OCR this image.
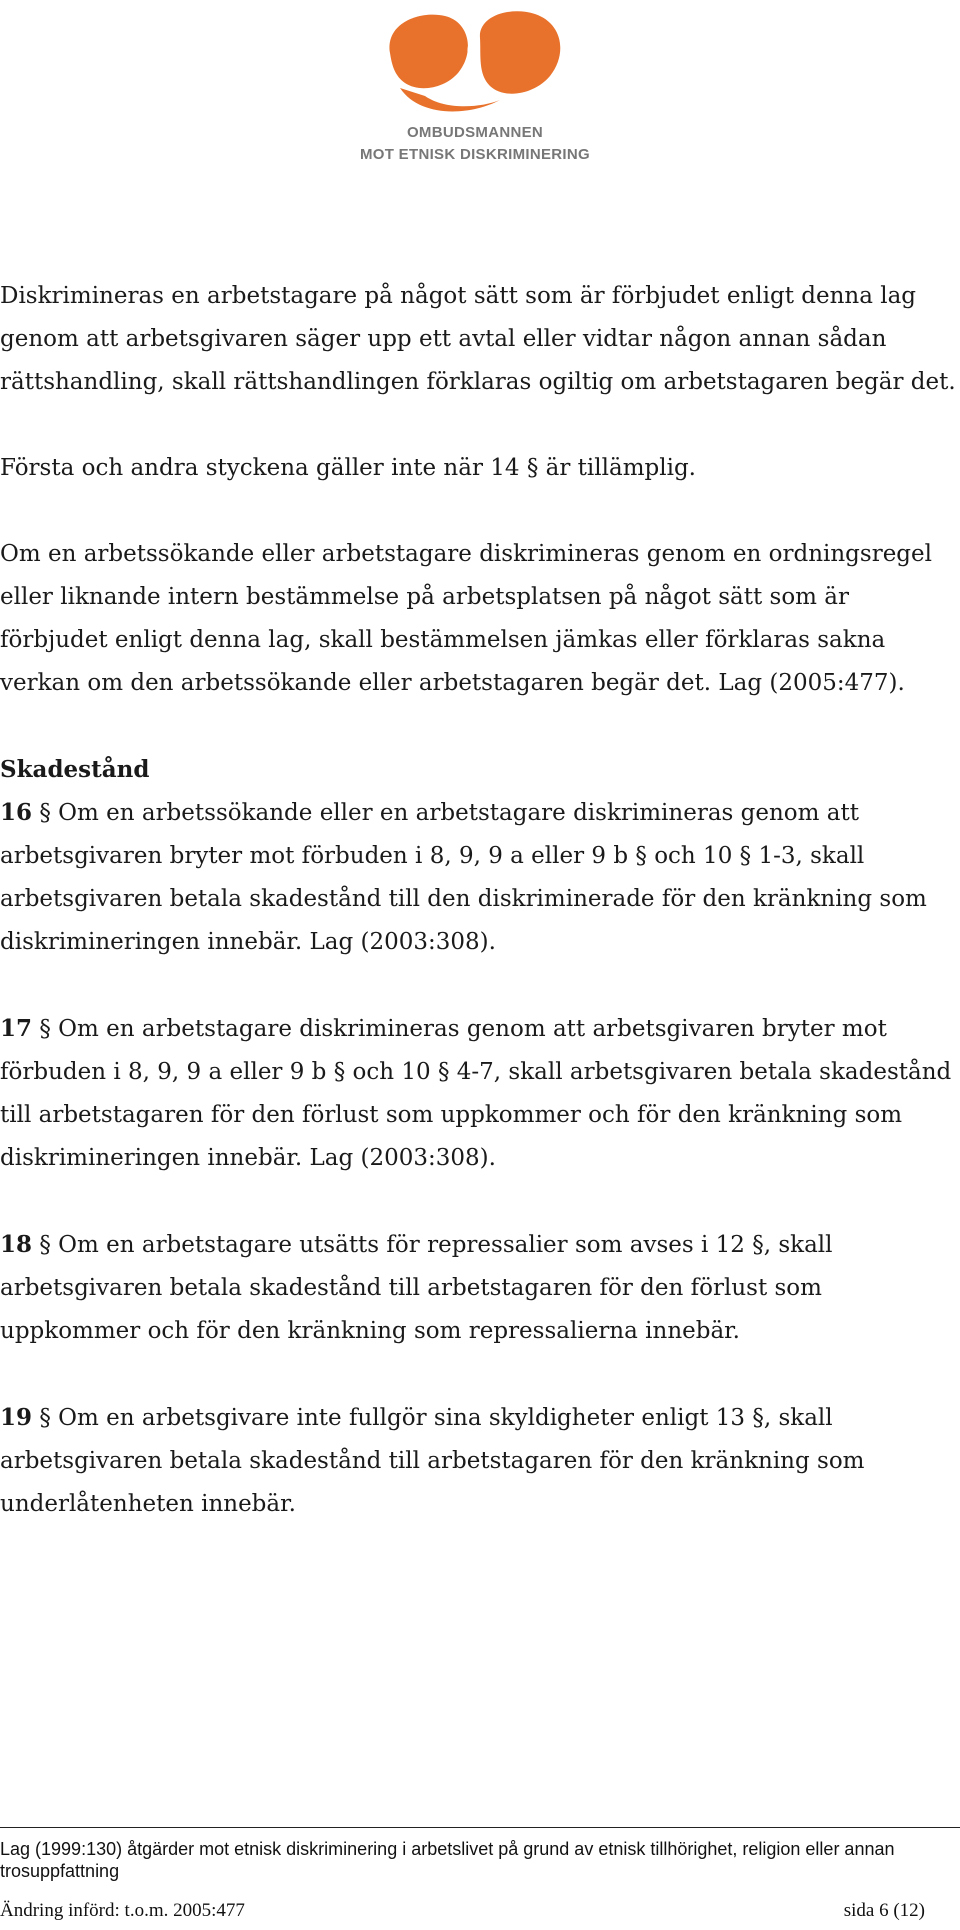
OMBUDSMANNEN
MOT ETNISK DISKRIMINERING

Diskrimineras en arbetstagare på något sätt som är förbjudet enligt denna lag genom att arbetsgivaren säger upp ett avtal eller vidtar någon annan sådan rättshandling, skall rättshandlingen förklaras ogiltig om arbetstagaren begär det.

Första och andra styckena gäller inte när 14 § är tillämplig.

Om en arbetssökande eller arbetstagare diskrimineras genom en ordningsregel eller liknande intern bestämmelse på arbetsplatsen på något sätt som är förbjudet enligt denna lag, skall bestämmelsen jämkas eller förklaras sakna verkan om den arbetssökande eller arbetstagaren begär det. Lag (2005:477).

Skadestånd

16 § Om en arbetssökande eller en arbetstagare diskrimineras genom att arbetsgivaren bryter mot förbuden i 8, 9, 9 a eller 9 b § och 10 § 1-3, skall arbetsgivaren betala skadestånd till den diskriminerade för den kränkning som diskrimineringen innebär. Lag (2003:308).

17 § Om en arbetstagare diskrimineras genom att arbetsgivaren bryter mot förbuden i 8, 9, 9 a eller 9 b § och 10 § 4-7, skall arbetsgivaren betala skadestånd till arbetstagaren för den förlust som uppkommer och för den kränkning som diskrimineringen innebär. Lag (2003:308).

18 § Om en arbetstagare utsätts för repressalier som avses i 12 §, skall arbetsgivaren betala skadestånd till arbetstagaren för den förlust som uppkommer och för den kränkning som repressalierna innebär.

19 § Om en arbetsgivare inte fullgör sina skyldigheter enligt 13 §, skall arbetsgivaren betala skadestånd till arbetstagaren för den kränkning som underlåtenheten innebär.

Lag (1999:130) åtgärder mot etnisk diskriminering i arbetslivet på grund av etnisk tillhörighet, religion eller annan trosuppfattning
Ändring införd: t.o.m. 2005:477	sida 6 (12)
